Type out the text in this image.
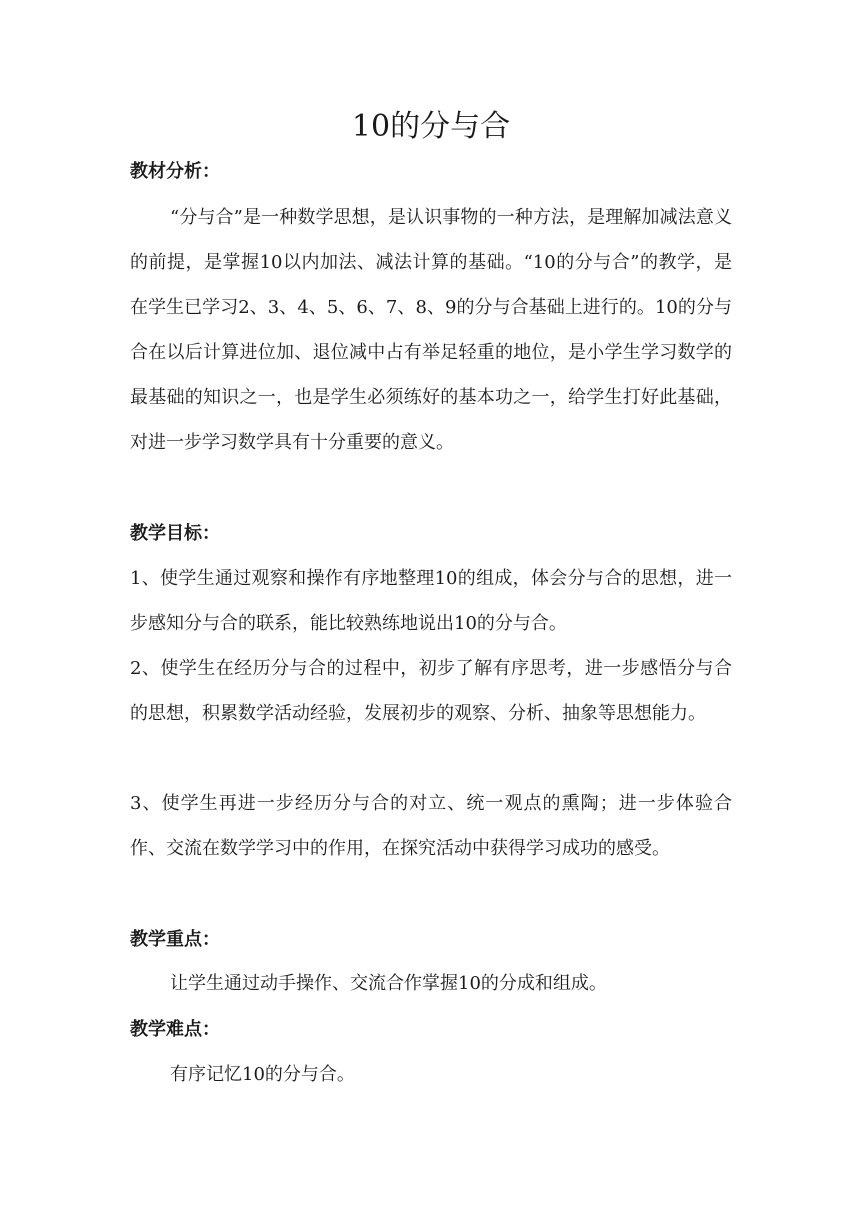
10的分与合
教材分析：

“分与合”是一种数学思想，是认识事物的一种方法，是理解加减法意义的前提，是掌握10以内加法、减法计算的基础。“10的分与合”的教学，是在学生已学习2、3、4、5、6、7、8、9的分与合基础上进行的。10的分与合在以后计算进位加、退位减中占有举足轻重的地位，是小学生学习数学的最基础的知识之一，也是学生必须练好的基本功之一，给学生打好此基础，对进一步学习数学具有十分重要的意义。

教学目标：

1、使学生通过观察和操作有序地整理10的组成，体会分与合的思想，进一步感知分与合的联系，能比较熟练地说出10的分与合。

2、使学生在经历分与合的过程中，初步了解有序思考，进一步感悟分与合的思想，积累数学活动经验，发展初步的观察、分析、抽象等思想能力。

3、使学生再进一步经历分与合的对立、统一观点的熏陶；进一步体验合作、交流在数学学习中的作用，在探究活动中获得学习成功的感受。

教学重点：

让学生通过动手操作、交流合作掌握10的分成和组成。

教学难点：

有序记忆10的分与合。
